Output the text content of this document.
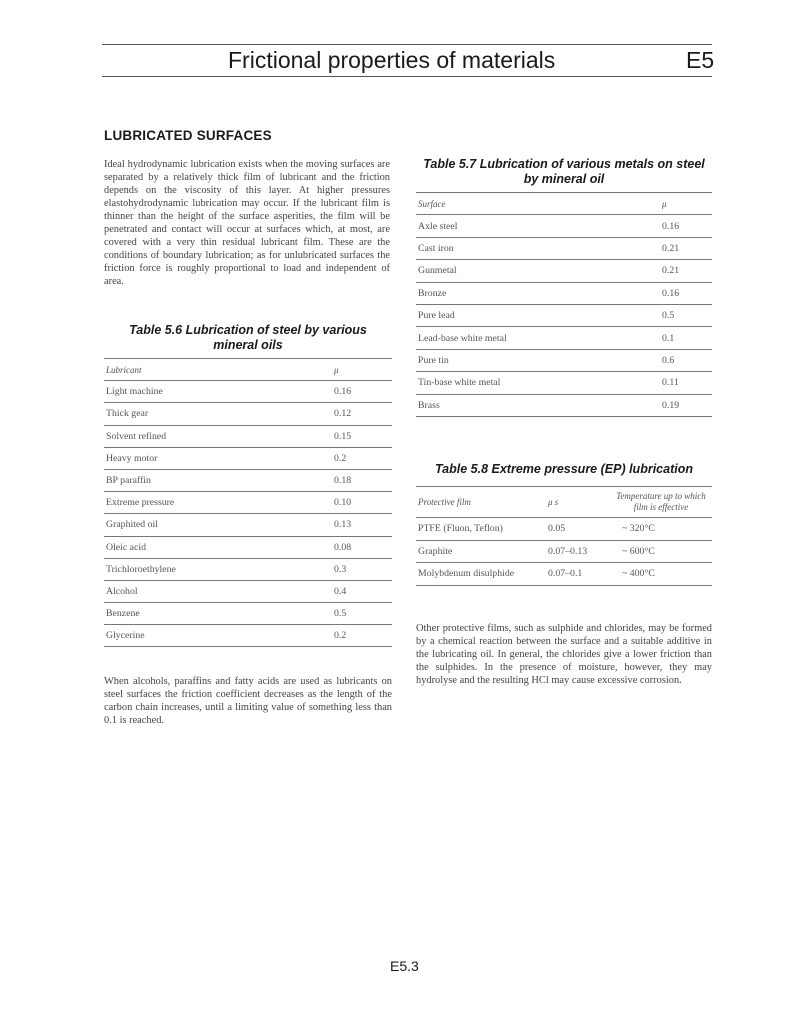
Frictional properties of materials	E5
LUBRICATED SURFACES

Ideal hydrodynamic lubrication exists when the moving surfaces are separated by a relatively thick film of lubricant and the friction depends on the viscosity of this layer. At higher pressures elastohydrodynamic lubrication may occur. If the lubricant film is thinner than the height of the surface asperities, the film will be penetrated and contact will occur at surfaces which, at most, are covered with a very thin residual lubricant film. These are the conditions of boundary lubrication; as for unlubricated surfaces the friction force is roughly proportional to load and independent of area.

Table 5.6 Lubrication of steel by various
mineral oils
Lubricant	μ
Light machine	0.16
Thick gear	0.12
Solvent refined	0.15
Heavy motor	0.2
BP paraffin	0.18
Extreme pressure	0.10
Graphited oil	0.13
Oleic acid	0.08
Trichloroethylene	0.3
Alcohol	0.4
Benzene	0.5
Glycerine	0.2

When alcohols, paraffins and fatty acids are used as lubricants on steel surfaces the friction coefficient decreases as the length of the carbon chain increases, until a limiting value of something less than 0.1 is reached.

Table 5.7 Lubrication of various metals on steel
by mineral oil
Surface	μ
Axle steel	0.16
Cast iron	0.21
Gunmetal	0.21
Bronze	0.16
Pure lead	0.5
Lead-base white metal	0.1
Pure tin	0.6
Tin-base white metal	0.11
Brass	0.19
Table 5.8 Extreme pressure (EP) lubrication
Protective film	μ s	Temperature up to which
film is effective

PTFE (Fluon, Teflon)	0.05	~ 320°C
Graphite	0.07–0.13	~ 600°C
Molybdenum disulphide	0.07–0.1	~ 400°C

Other protective films, such as sulphide and chlorides, may be formed by a chemical reaction between the surface and a suitable additive in the lubricating oil. In general, the chlorides give a lower friction than the sulphides. In the presence of moisture, however, they may hydrolyse and the resulting HCl may cause excessive corrosion.

E5.3
